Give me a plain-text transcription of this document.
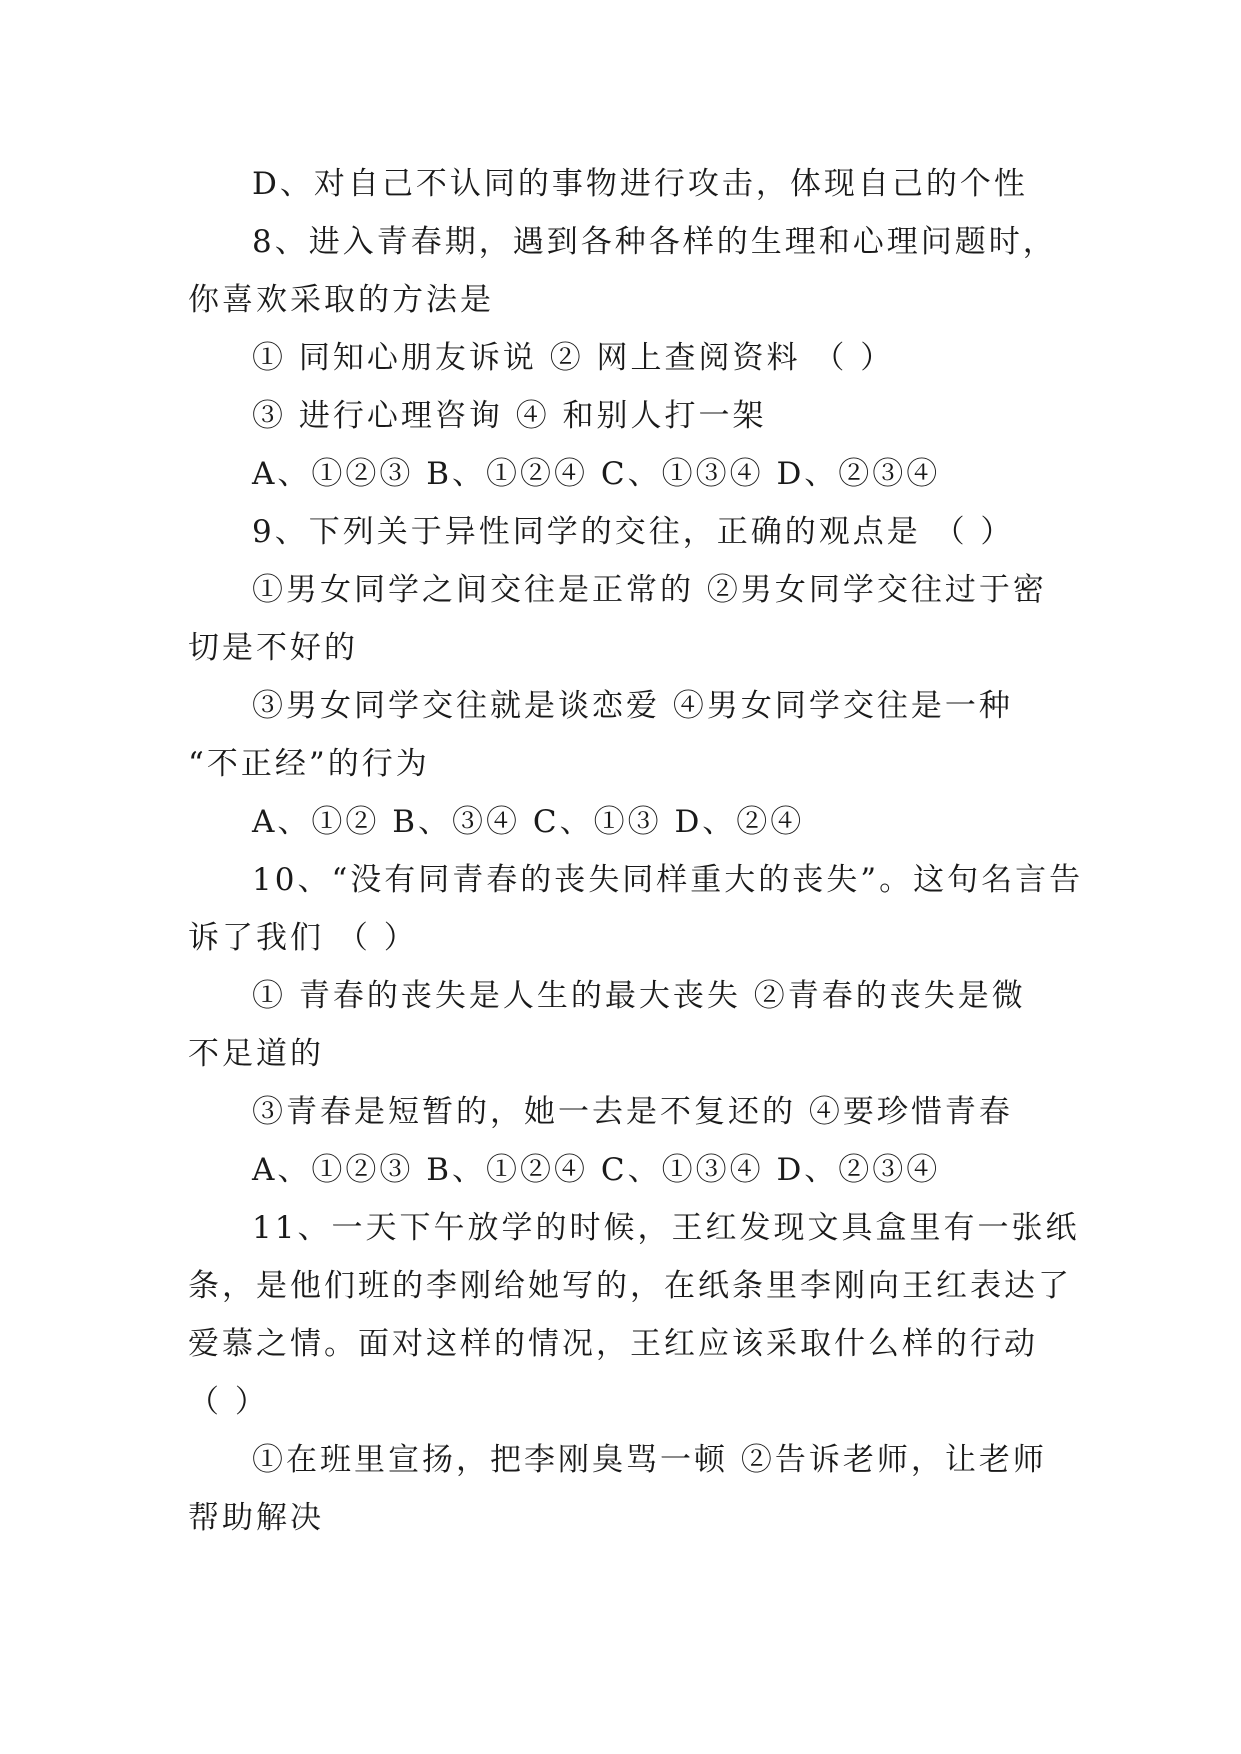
D、对自己不认同的事物进行攻击，体现自己的个性
8、进入青春期，遇到各种各样的生理和心理问题时，
你喜欢采取的方法是
① 同知心朋友诉说 ② 网上查阅资料 （ ）
③ 进行心理咨询 ④ 和别人打一架
A、①②③ B、①②④ C、①③④ D、②③④
9、下列关于异性同学的交往，正确的观点是 （ ）
①男女同学之间交往是正常的 ②男女同学交往过于密
切是不好的
③男女同学交往就是谈恋爱 ④男女同学交往是一种
“不正经”的行为
A、①② B、③④ C、①③ D、②④
10、“没有同青春的丧失同样重大的丧失”。这句名言告
诉了我们 （ ）
① 青春的丧失是人生的最大丧失 ②青春的丧失是微
不足道的
③青春是短暂的，她一去是不复还的 ④要珍惜青春
A、①②③ B、①②④ C、①③④ D、②③④
11、一天下午放学的时候，王红发现文具盒里有一张纸
条，是他们班的李刚给她写的，在纸条里李刚向王红表达了
爱慕之情。面对这样的情况，王红应该采取什么样的行动
（ ）
①在班里宣扬，把李刚臭骂一顿 ②告诉老师，让老师
帮助解决
